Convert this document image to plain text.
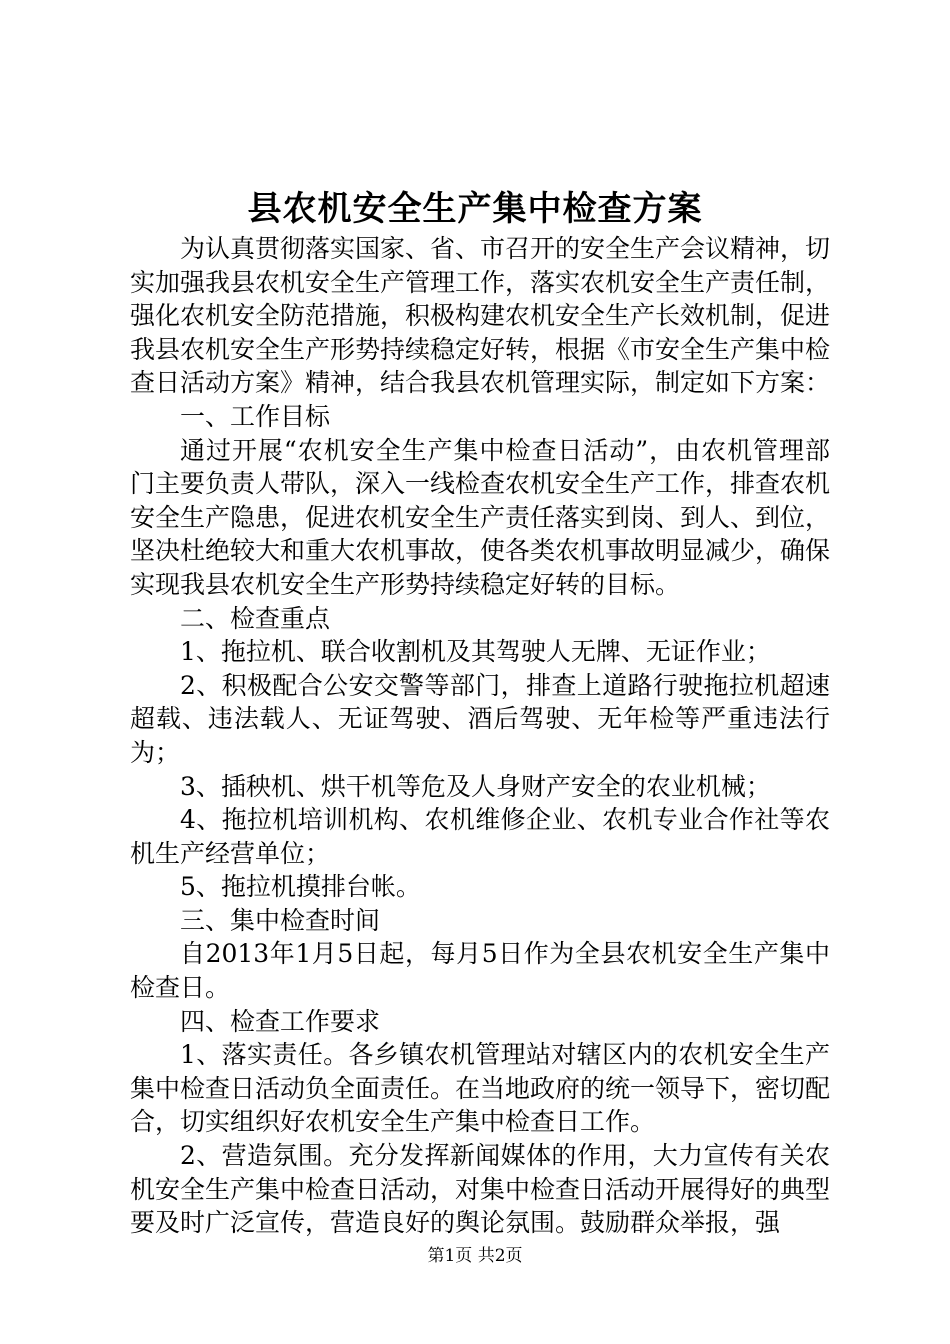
县农机安全生产集中检查方案

为认真贯彻落实国家、省、市召开的安全生产会议精神，切实加强我县农机安全生产管理工作，落实农机安全生产责任制，强化农机安全防范措施，积极构建农机安全生产长效机制，促进我县农机安全生产形势持续稳定好转，根据《市安全生产集中检查日活动方案》精神，结合我县农机管理实际，制定如下方案：

一、工作目标

通过开展“农机安全生产集中检查日活动”，由农机管理部门主要负责人带队，深入一线检查农机安全生产工作，排查农机安全生产隐患，促进农机安全生产责任落实到岗、到人、到位，坚决杜绝较大和重大农机事故，使各类农机事故明显减少，确保实现我县农机安全生产形势持续稳定好转的目标。

二、检查重点

1、拖拉机、联合收割机及其驾驶人无牌、无证作业；

2、积极配合公安交警等部门，排查上道路行驶拖拉机超速超载、违法载人、无证驾驶、酒后驾驶、无年检等严重违法行为；

3、插秧机、烘干机等危及人身财产安全的农业机械；

4、拖拉机培训机构、农机维修企业、农机专业合作社等农机生产经营单位；

5、拖拉机摸排台帐。

三、集中检查时间

自2013年1月5日起，每月5日作为全县农机安全生产集中检查日。

四、检查工作要求

1、落实责任。各乡镇农机管理站对辖区内的农机安全生产集中检查日活动负全面责任。在当地政府的统一领导下，密切配合，切实组织好农机安全生产集中检查日工作。

2、营造氛围。充分发挥新闻媒体的作用，大力宣传有关农机安全生产集中检查日活动，对集中检查日活动开展得好的典型要及时广泛宣传，营造良好的舆论氛围。鼓励群众举报，强

第1页 共2页
